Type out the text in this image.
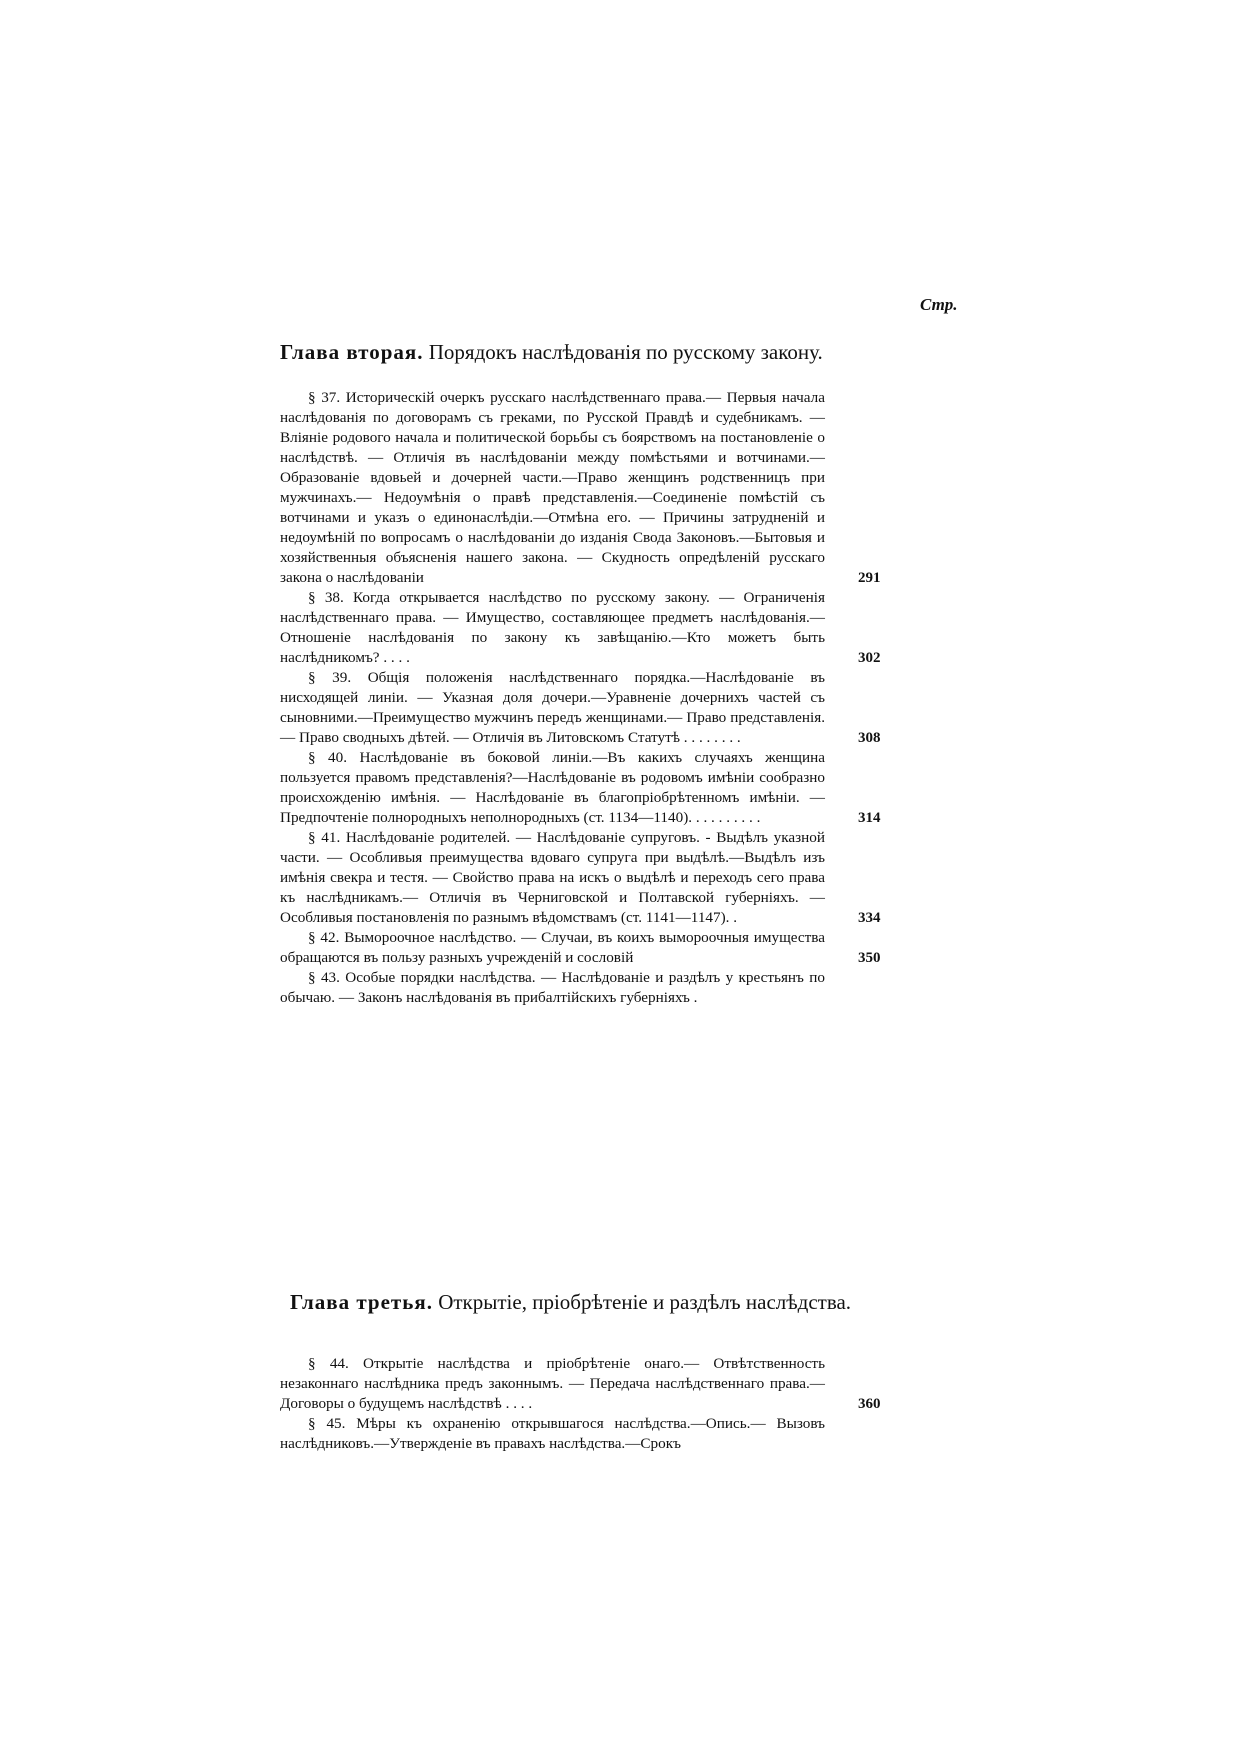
Стр.
Глава вторая. Порядокъ наслѣдованія по русскому закону.
§ 37. Историческій очеркъ русскаго наслѣдственнаго права.— Первыя начала наслѣдованія по договорамъ съ греками, по Русской Правдѣ и судебникамъ. — Вліяніе родового начала и политической борьбы съ боярствомъ на постановленіе о наслѣдствѣ. — Отличія въ наслѣдованіи между помѣстьями и вотчинами.—Образованіе вдовьей и дочерней части.—Право женщинъ родственницъ при мужчинахъ.— Недоумѣнія о правѣ представленія.—Соединеніе помѣстій съ вотчинами и указъ о единонаслѣдіи.—Отмѣна его. — Причины затрудненій и недоумѣній по вопросамъ о наслѣдованіи до изданія Свода Законовъ.—Бытовыя и хозяйственныя объясненія нашего закона. — Скудность опредѣленій русскаго закона о наслѣдованіи	291
§ 38. Когда открывается наслѣдство по русскому закону. — Ограниченія наслѣдственнаго права. — Имущество, составляющее предметъ наслѣдованія.—Отношеніе наслѣдованія по закону къ завѣщанію.—Кто можетъ быть наслѣдникомъ? . . . .	302
§ 39. Общія положенія наслѣдственнаго порядка.—Наслѣдованіе въ нисходящей линіи. — Указная доля дочери.—Уравненіе дочернихъ частей съ сыновними.—Преимущество мужчинъ передъ женщинами.— Право представленія. — Право сводныхъ дѣтей. — Отличія въ Литовскомъ Статутѣ . . . . . . . .	308
§ 40. Наслѣдованіе въ боковой линіи.—Въ какихъ случаяхъ женщина пользуется правомъ представленія?—Наслѣдованіе въ родовомъ имѣніи сообразно происхожденію имѣнія. — Наслѣдованіе въ благопріобрѣтенномъ имѣніи. — Предпочтеніе полнородныхъ неполнородныхъ (ст. 1134—1140). . . . . . . . . .	314
§ 41. Наслѣдованіе родителей. — Наслѣдованіе супруговъ. - Выдѣлъ указной части. — Особливыя преимущества вдоваго супруга при выдѣлѣ.—Выдѣлъ изъ имѣнія свекра и тестя. — Свойство права на искъ о выдѣлѣ и переходъ сего права къ наслѣдникамъ.— Отличія въ Черниговской и Полтавской губерніяхъ. — Особливыя постановленія по разнымъ вѣдомствамъ (ст. 1141—1147). .	334
§ 42. Вымороочное наслѣдство. — Случаи, въ коихъ вымороочныя имущества обращаются въ пользу разныхъ учрежденій и сословій	350
§ 43. Особые порядки наслѣдства. — Наслѣдованіе и раздѣлъ у крестьянъ по обычаю. — Законъ наслѣдованія въ прибалтійскихъ губерніяхъ .
Глава третья. Открытіе, пріобрѣтеніе и раздѣлъ наслѣдства.
§ 44. Открытіе наслѣдства и пріобрѣтеніе онаго.— Отвѣтственность незаконнаго наслѣдника предъ законнымъ. — Передача наслѣдственнаго права.—Договоры о будущемъ наслѣдствѣ . . . .	360
§ 45. Мѣры къ охраненію открывшагося наслѣдства.—Опись.— Вызовъ наслѣдниковъ.—Утвержденіе въ правахъ наслѣдства.—Срокъ
